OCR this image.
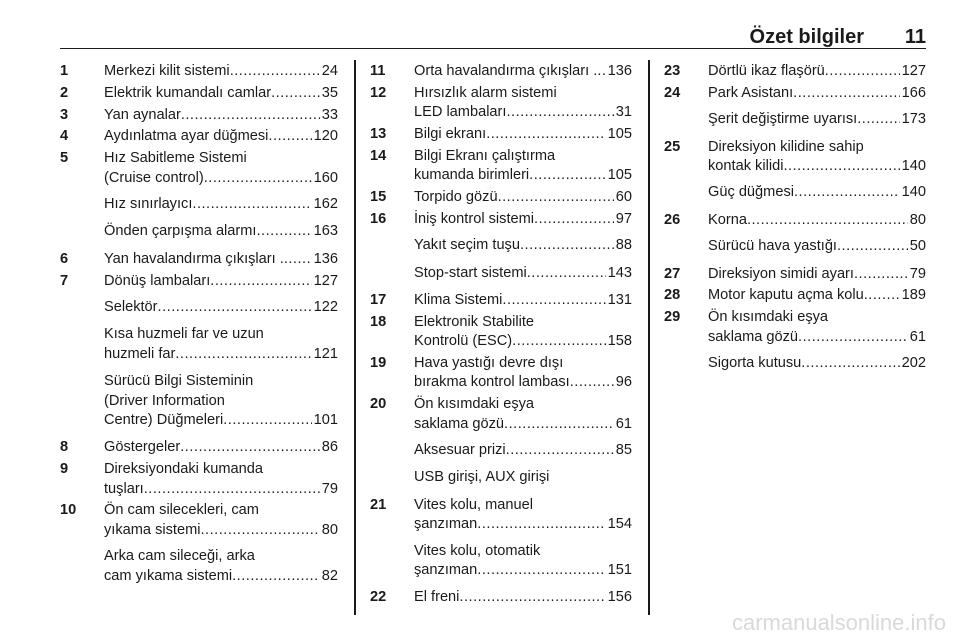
Özet bilgiler 11
1 Merkezi kilit sistemi .....	24
2 Elektrik kumandalı camlar .....	35
3 Yan aynalar .....	33
4 Aydınlatma ayar düğmesi .....	120
5 Hız Sabitleme Sistemi
(Cruise control) .....	160
Hız sınırlayıcı .....	162
Önden çarpışma alarmı .....	163
6 Yan havalandırma çıkışları . ..... 136
7 Dönüş lambaları .....	127
Selektör .....	122
Kısa huzmeli far ve uzun
huzmeli far .....	121
Sürücü Bilgi Sisteminin
(Driver Information
Centre) Düğmeleri .....	101
8 Göstergeler .....	86
9 Direksiyondaki kumanda
tuşları .....	79
10 Ön cam silecekleri, cam
yıkama sistemi .....	80
Arka cam sileceği, arka
cam yıkama sistemi .....	82
11 Orta havalandırma çıkışları . ..... 136
12 Hırsızlık alarm sistemi
LED lambaları .....	31
13 Bilgi ekranı .....	105
14 Bilgi Ekranı çalıştırma
kumanda birimleri .....	105
15 Torpido gözü .....	60
16 İniş kontrol sistemi .....	97
Yakıt seçim tuşu .....	88
Stop-start sistemi .....	143
17 Klima Sistemi .....	131
18 Elektronik Stabilite
Kontrolü (ESC) .....	158
19 Hava yastığı devre dışı
bırakma kontrol lambası .....	96
20 Ön kısımdaki eşya
saklama gözü .....	61
Aksesuar prizi .....	85
USB girişi, AUX girişi
21 Vites kolu, manuel
şanzıman .....	154
Vites kolu, otomatik
şanzıman .....	151
22 El freni .....	156
23 Dörtlü ikaz flaşörü .....	127
24 Park Asistanı .....	166
Şerit değiştirme uyarısı .....	173
25 Direksiyon kilidine sahip
kontak kilidi .....	140
Güç düğmesi .....	140
26 Korna .....	80
Sürücü hava yastığı .....	50
27 Direksiyon simidi ayarı .....	79
28 Motor kaputu açma kolu .....	189
29 Ön kısımdaki eşya
saklama gözü .....	61
Sigorta kutusu .....	202
carmanualsonline.info
